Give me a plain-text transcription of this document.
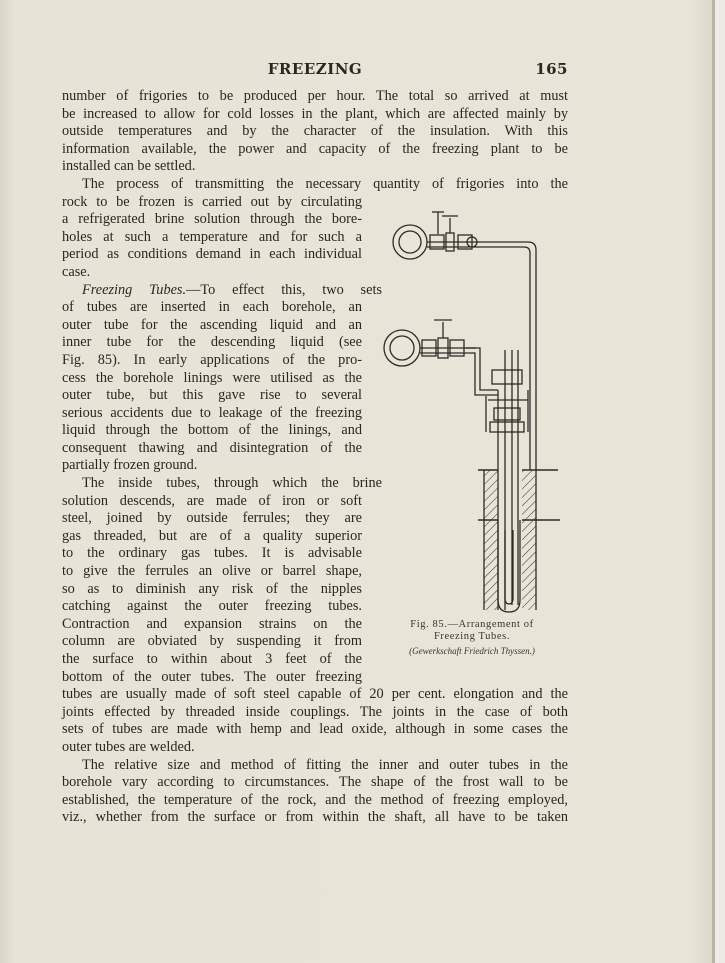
FREEZING	165
number of frigories to be produced per hour. The total so arrived at must
be increased to allow for cold losses in the plant, which are affected mainly by
outside temperatures and by the character of the insulation. With this
information available, the power and capacity of the freezing plant to be
installed can be settled.
The process of transmitting the necessary quantity of frigories into the
rock to be frozen is carried out by circulating
a refrigerated brine solution through the bore-
holes at such a temperature and for such a
period as conditions demand in each individual
case.
Freezing Tubes.—To effect this, two sets
of tubes are inserted in each borehole, an
outer tube for the ascending liquid and an
inner tube for the descending liquid (see
Fig. 85). In early applications of the pro-
cess the borehole linings were utilised as the
outer tube, but this gave rise to several
serious accidents due to leakage of the freezing
liquid through the bottom of the linings, and
consequent thawing and disintegration of the
partially frozen ground.
The inside tubes, through which the brine
solution descends, are made of iron or soft
steel, joined by outside ferrules; they are
gas threaded, but are of a quality superior
to the ordinary gas tubes. It is advisable
to give the ferrules an olive or barrel shape,
so as to diminish any risk of the nipples
catching against the outer freezing tubes.
Contraction and expansion strains on the
column are obviated by suspending it from
the surface to within about 3 feet of the
bottom of the outer tubes. The outer freezing
tubes are usually made of soft steel capable of 20 per cent. elongation and the
joints effected by threaded inside couplings. The joints in the case of both
sets of tubes are made with hemp and lead oxide, although in some cases the
outer tubes are welded.
The relative size and method of fitting the inner and outer tubes in the
borehole vary according to circumstances. The shape of the frost wall to be
established, the temperature of the rock, and the method of freezing employed,
viz., whether from the surface or from within the shaft, all have to be taken
Fig. 85.—Arrangement of
Freezing Tubes.
(Gewerkschaft Friedrich Thyssen.)
